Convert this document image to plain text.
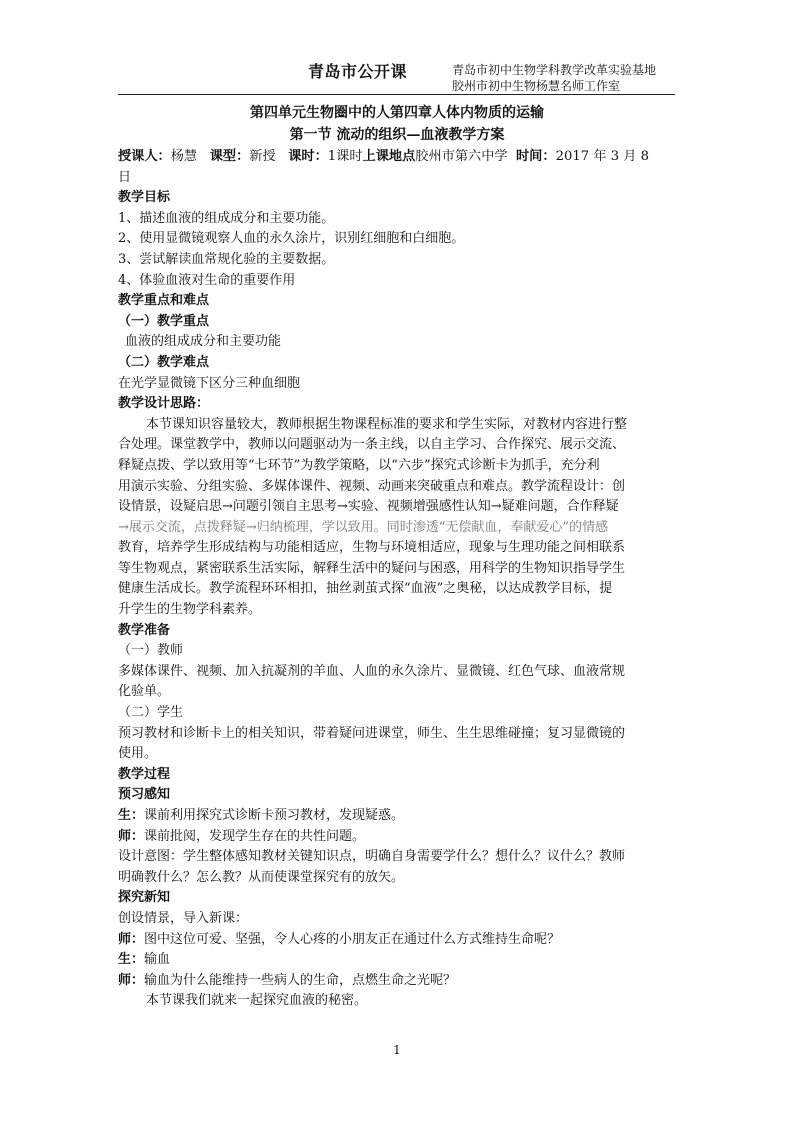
青岛市公开课	青岛市初中生物学科教学改革实验基地
胶州市初中生物杨慧名师工作室
第四单元生物圈中的人第四章人体内物质的运输
第一节 流动的组织—血液教学方案
授课人：杨慧 课型：新授 课时：1课时上课地点胶州市第六中学 时间：2017 年 3 月 8
日
教学目标
1、描述血液的组成成分和主要功能。
2、使用显微镜观察人血的永久涂片，识别红细胞和白细胞。
3、尝试解读血常规化验的主要数据。
4、体验血液对生命的重要作用
教学重点和难点
（一）教学重点
血液的组成成分和主要功能
（二）教学难点
在光学显微镜下区分三种血细胞
教学设计思路：
本节课知识容量较大，教师根据生物课程标准的要求和学生实际，对教材内容进行整
合处理。课堂教学中，教师以问题驱动为一条主线，以自主学习、合作探究、展示交流、
释疑点拨、学以致用等“七环节”为教学策略，以“六步”探究式诊断卡为抓手，充分利
用演示实验、分组实验、多媒体课件、视频、动画来突破重点和难点。教学流程设计：创
设情景，设疑启思→问题引领自主思考→实验、视频增强感性认知→疑难问题，合作释疑
→展示交流，点拨释疑→归纳梳理，学以致用。同时渗透“无偿献血，奉献爱心”的情感
教育，培养学生形成结构与功能相适应，生物与环境相适应，现象与生理功能之间相联系
等生物观点，紧密联系生活实际，解释生活中的疑问与困惑，用科学的生物知识指导学生
健康生活成长。教学流程环环相扣，抽丝剥茧式探“血液”之奥秘，以达成教学目标，提
升学生的生物学科素养。
教学准备
（一）教师
多媒体课件、视频、加入抗凝剂的羊血、人血的永久涂片、显微镜、红色气球、血液常规
化验单。
（二）学生
预习教材和诊断卡上的相关知识，带着疑问进课堂，师生、生生思维碰撞；复习显微镜的
使用。
教学过程
预习感知
生：课前利用探究式诊断卡预习教材，发现疑惑。
师：课前批阅，发现学生存在的共性问题。
设计意图：学生整体感知教材关键知识点，明确自身需要学什么？想什么？议什么？教师
明确教什么？怎么教？从而使课堂探究有的放矢。
探究新知
创设情景，导入新课：
师：图中这位可爱、坚强，令人心疼的小朋友正在通过什么方式维持生命呢？
生：输血
师：输血为什么能维持一些病人的生命，点燃生命之光呢？
本节课我们就来一起探究血液的秘密。
1
